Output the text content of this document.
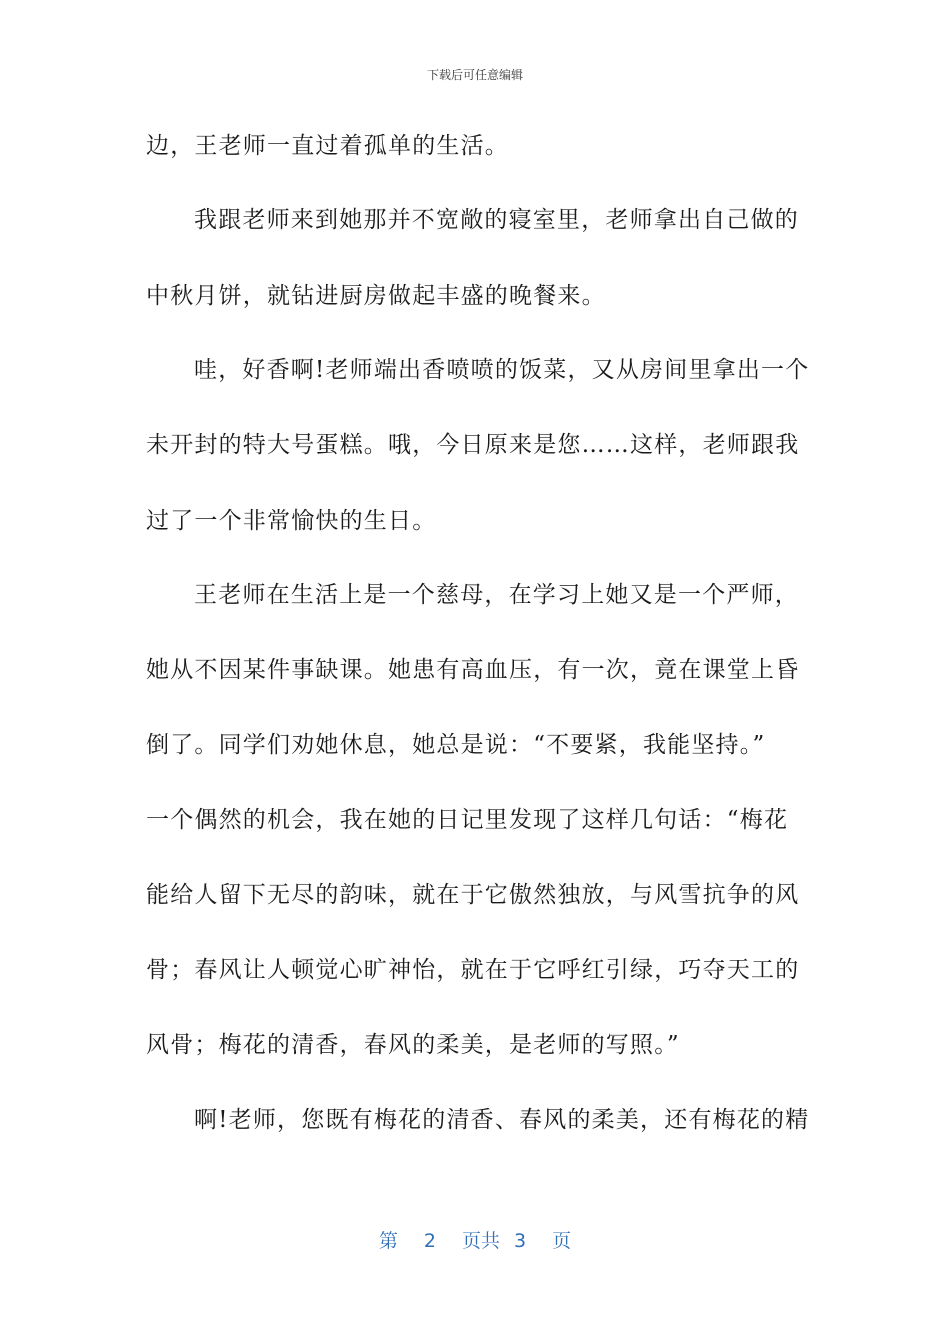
下载后可任意编辑
边，王老师一直过着孤单的生活。
我跟老师来到她那并不宽敞的寝室里，老师拿出自己做的
中秋月饼，就钻进厨房做起丰盛的晚餐来。
哇，好香啊!老师端出香喷喷的饭菜，又从房间里拿出一个
未开封的特大号蛋糕。哦，今日原来是您……这样，老师跟我
过了一个非常愉快的生日。
王老师在生活上是一个慈母，在学习上她又是一个严师，
她从不因某件事缺课。她患有高血压，有一次，竟在课堂上昏
倒了。同学们劝她休息，她总是说：“不要紧，我能坚持。”
一个偶然的机会，我在她的日记里发现了这样几句话：“梅花
能给人留下无尽的韵味，就在于它傲然独放，与风雪抗争的风
骨；春风让人顿觉心旷神怡，就在于它呼红引绿，巧夺天工的
风骨；梅花的清香，春风的柔美，是老师的写照。”
啊!老师，您既有梅花的清香、春风的柔美，还有梅花的精
第 2 页共 3 页
